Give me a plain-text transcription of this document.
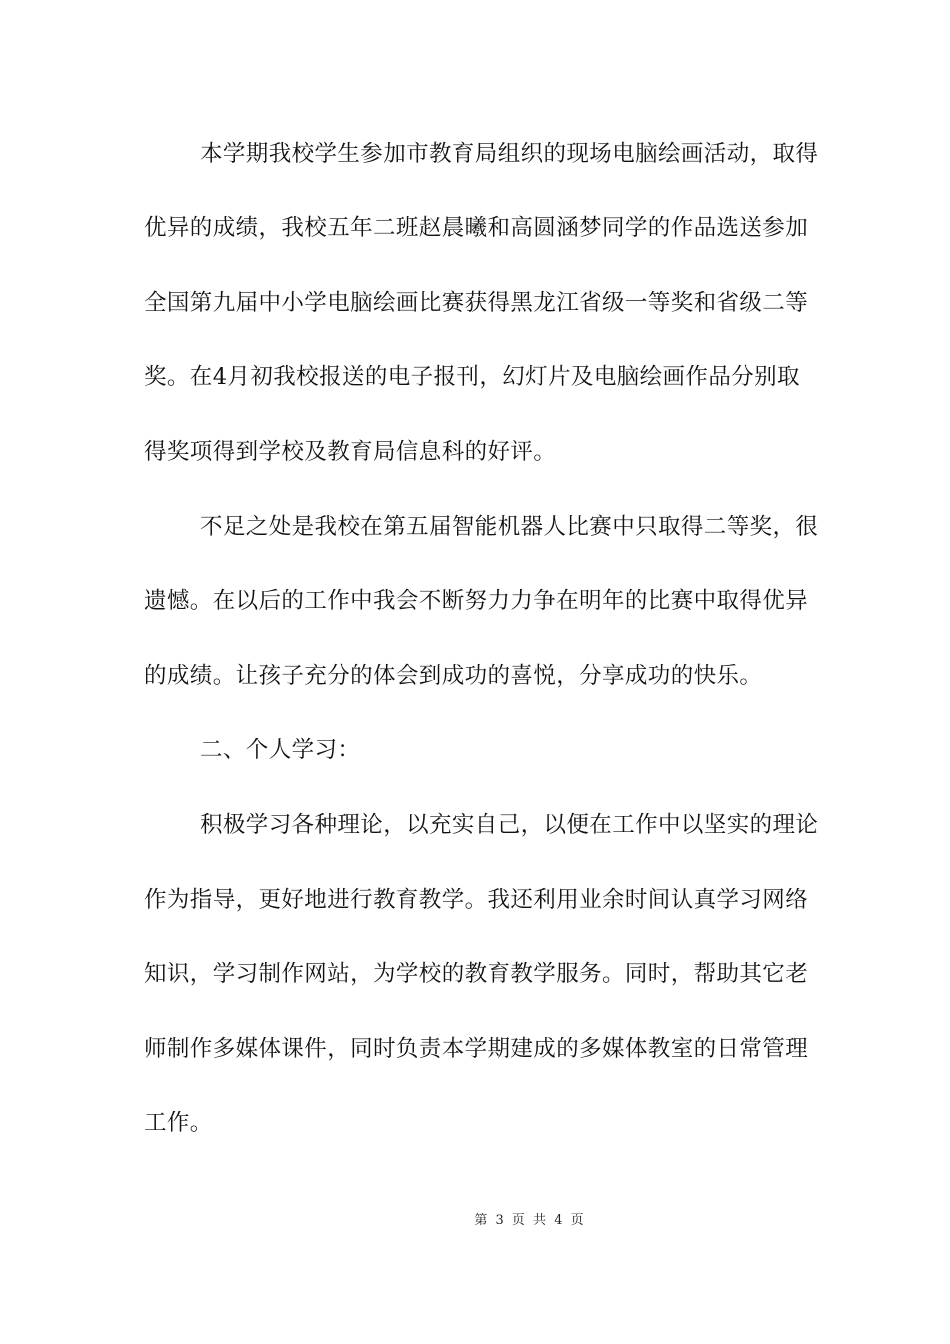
本学期我校学生参加市教育局组织的现场电脑绘画活动，取得
优异的成绩，我校五年二班赵晨曦和高圆涵梦同学的作品选送参加
全国第九届中小学电脑绘画比赛获得黑龙江省级一等奖和省级二等
奖。在4月初我校报送的电子报刊，幻灯片及电脑绘画作品分别取
得奖项得到学校及教育局信息科的好评。
不足之处是我校在第五届智能机器人比赛中只取得二等奖，很
遗憾。在以后的工作中我会不断努力力争在明年的比赛中取得优异
的成绩。让孩子充分的体会到成功的喜悦，分享成功的快乐。
二、个人学习：
积极学习各种理论，以充实自己，以便在工作中以坚实的理论
作为指导，更好地进行教育教学。我还利用业余时间认真学习网络
知识，学习制作网站，为学校的教育教学服务。同时，帮助其它老
师制作多媒体课件，同时负责本学期建成的多媒体教室的日常管理
工作。
第 3 页 共 4 页
